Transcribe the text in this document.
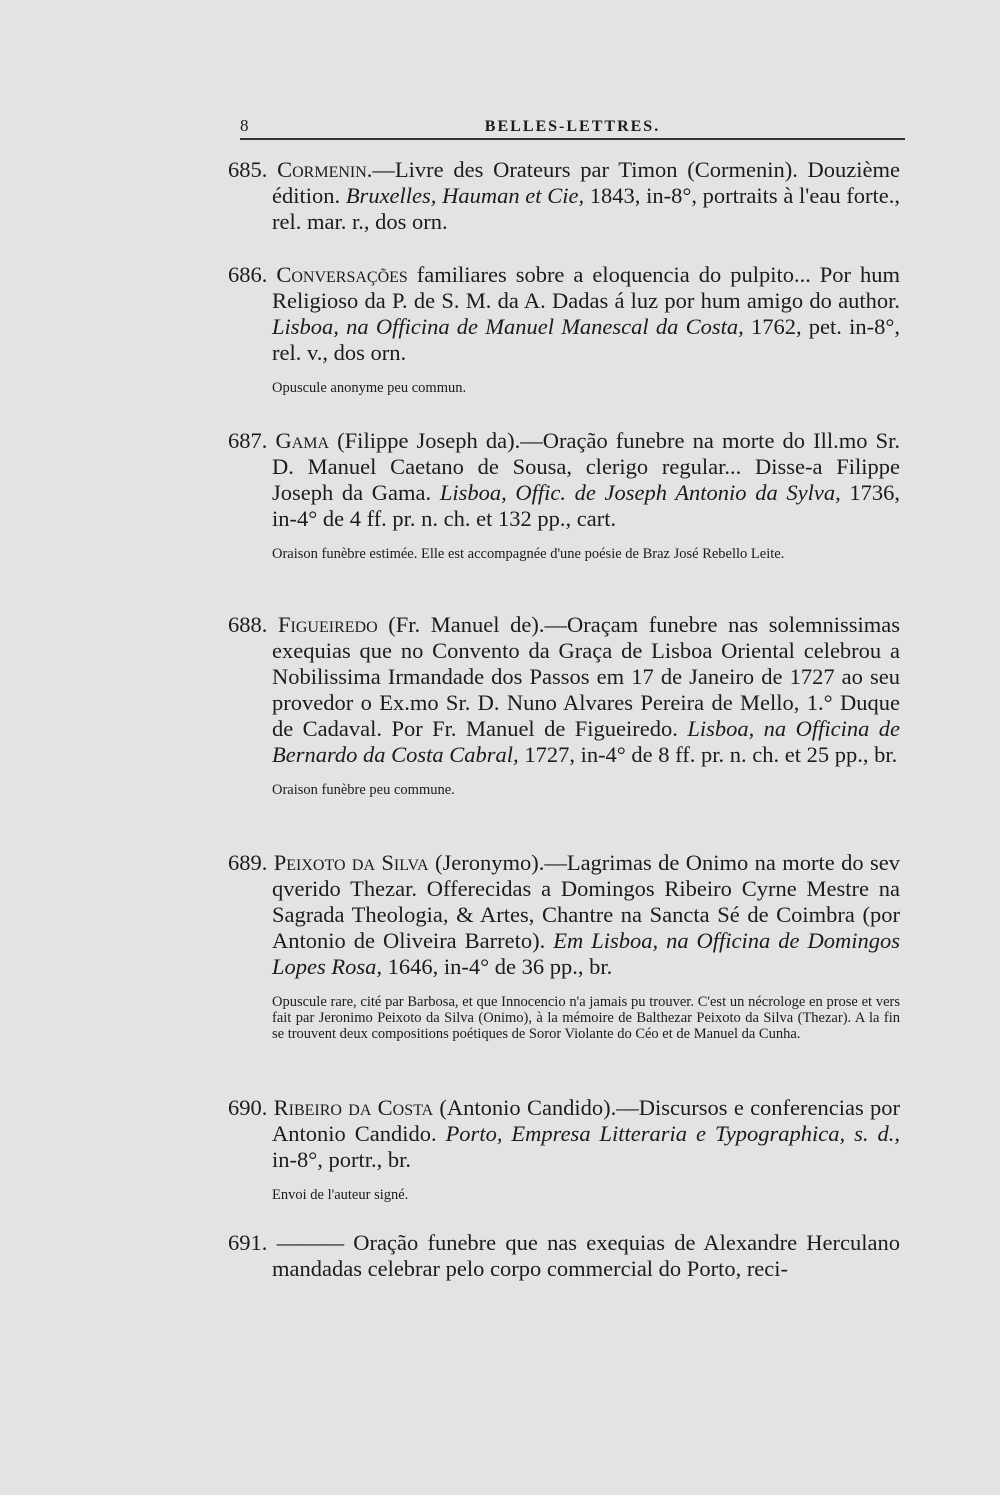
8	BELLES-LETTRES.

685. Cormenin.—Livre des Orateurs par Timon (Cormenin). Douzième édition. Bruxelles, Hauman et Cie, 1843, in-8°, portraits à l'eau forte., rel. mar. r., dos orn.

686. Conversações familiares sobre a eloquencia do pulpito... Por hum Religioso da P. de S. M. da A. Dadas á luz por hum amigo do author. Lisboa, na Officina de Manuel Manescal da Costa, 1762, pet. in-8°, rel. v., dos orn.

Opuscule anonyme peu commun.

687. Gama (Filippe Joseph da).—Oração funebre na morte do Ill.mo Sr. D. Manuel Caetano de Sousa, clerigo regular... Disse-a Filippe Joseph da Gama. Lisboa, Offic. de Joseph Antonio da Sylva, 1736, in-4° de 4 ff. pr. n. ch. et 132 pp., cart.

Oraison funèbre estimée. Elle est accompagnée d'une poésie de Braz José Rebello Leite.

688. Figueiredo (Fr. Manuel de).—Oraçam funebre nas solemnissimas exequias que no Convento da Graça de Lisboa Oriental celebrou a Nobilissima Irmandade dos Passos em 17 de Janeiro de 1727 ao seu provedor o Ex.mo Sr. D. Nuno Alvares Pereira de Mello, 1.° Duque de Cadaval. Por Fr. Manuel de Figueiredo. Lisboa, na Officina de Bernardo da Costa Cabral, 1727, in-4° de 8 ff. pr. n. ch. et 25 pp., br.

Oraison funèbre peu commune.

689. Peixoto da Silva (Jeronymo).—Lagrimas de Onimo na morte do sev qverido Thezar. Offerecidas a Domingos Ribeiro Cyrne Mestre na Sagrada Theologia, & Artes, Chantre na Sancta Sé de Coimbra (por Antonio de Oliveira Barreto). Em Lisboa, na Officina de Domingos Lopes Rosa, 1646, in-4° de 36 pp., br.

Opuscule rare, cité par Barbosa, et que Innocencio n'a jamais pu trouver. C'est un nécrologe en prose et vers fait par Jeronimo Peixoto da Silva (Onimo), à la mémoire de Balthezar Peixoto da Silva (Thezar). A la fin se trouvent deux compositions poétiques de Soror Violante do Céo et de Manuel da Cunha.

690. Ribeiro da Costa (Antonio Candido).—Discursos e conferencias por Antonio Candido. Porto, Empresa Litteraria e Typographica, s. d., in-8°, portr., br.

Envoi de l'auteur signé.

691. ——— Oração funebre que nas exequias de Alexandre Herculano mandadas celebrar pelo corpo commercial do Porto, reci-
